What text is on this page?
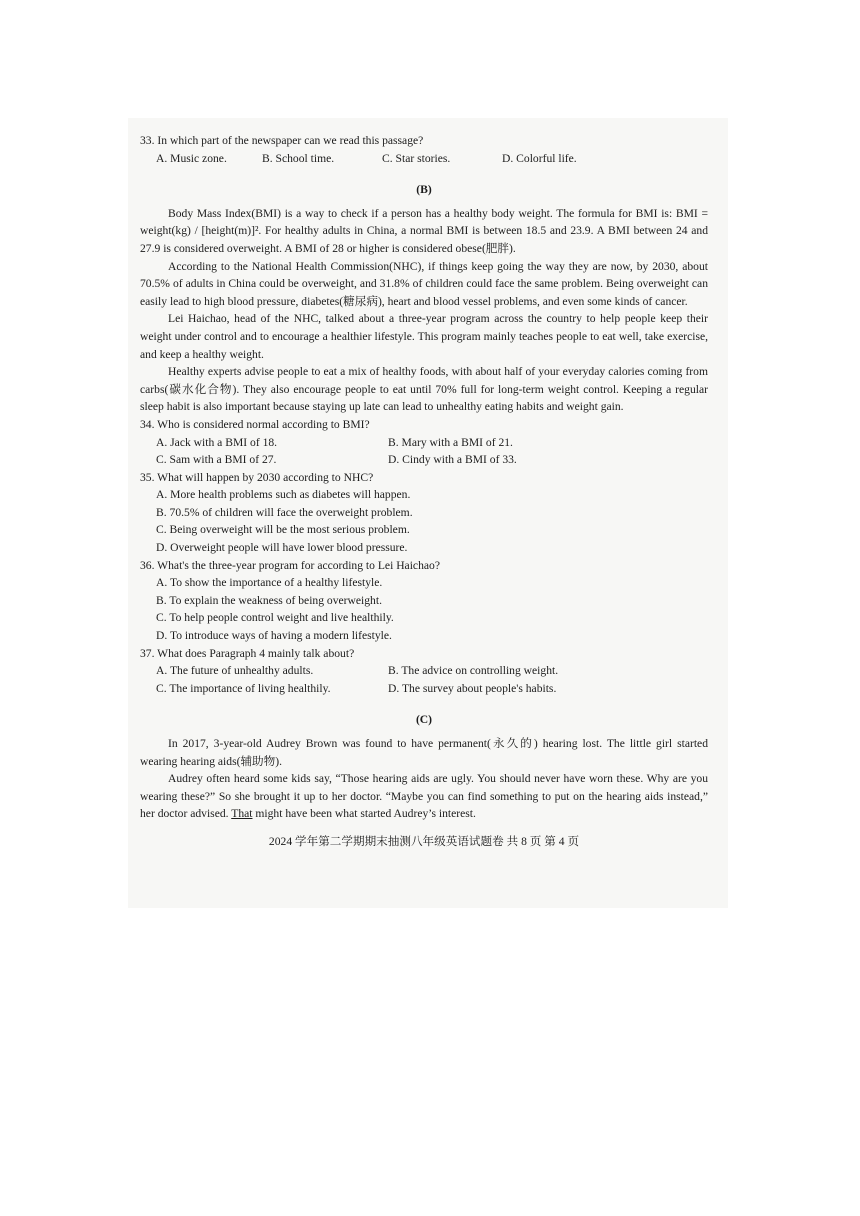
33. In which part of the newspaper can we read this passage?

A. Music zone.	B. School time.	C. Star stories.	D. Colorful life.
(B)

Body Mass Index(BMI) is a way to check if a person has a healthy body weight. The formula for BMI is: BMI = weight(kg) / [height(m)]². For healthy adults in China, a normal BMI is between 18.5 and 23.9. A BMI between 24 and 27.9 is considered overweight. A BMI of 28 or higher is considered obese(肥胖).

According to the National Health Commission(NHC), if things keep going the way they are now, by 2030, about 70.5% of adults in China could be overweight, and 31.8% of children could face the same problem. Being overweight can easily lead to high blood pressure, diabetes(糖尿病), heart and blood vessel problems, and even some kinds of cancer.

Lei Haichao, head of the NHC, talked about a three-year program across the country to help people keep their weight under control and to encourage a healthier lifestyle. This program mainly teaches people to eat well, take exercise, and keep a healthy weight.

Healthy experts advise people to eat a mix of healthy foods, with about half of your everyday calories coming from carbs(碳水化合物). They also encourage people to eat until 70% full for long-term weight control. Keeping a regular sleep habit is also important because staying up late can lead to unhealthy eating habits and weight gain.

34. Who is considered normal according to BMI?

A. Jack with a BMI of 18.	B. Mary with a BMI of 21.
C. Sam with a BMI of 27.	D. Cindy with a BMI of 33.

35. What will happen by 2030 according to NHC?

A. More health problems such as diabetes will happen.

B. 70.5% of children will face the overweight problem.

C. Being overweight will be the most serious problem.

D. Overweight people will have lower blood pressure.

36. What's the three-year program for according to Lei Haichao?

A. To show the importance of a healthy lifestyle.

B. To explain the weakness of being overweight.

C. To help people control weight and live healthily.

D. To introduce ways of having a modern lifestyle.

37. What does Paragraph 4 mainly talk about?

A. The future of unhealthy adults.	B. The advice on controlling weight.
C. The importance of living healthily.	D. The survey about people's habits.
(C)

In 2017, 3-year-old Audrey Brown was found to have permanent(永久的) hearing lost. The little girl started wearing hearing aids(辅助物).

Audrey often heard some kids say, “Those hearing aids are ugly. You should never have worn these. Why are you wearing these?” So she brought it up to her doctor. “Maybe you can find something to put on the hearing aids instead,” her doctor advised. That might have been what started Audrey’s interest.

2024 学年第二学期期末抽测八年级英语试题卷 共 8 页 第 4 页
